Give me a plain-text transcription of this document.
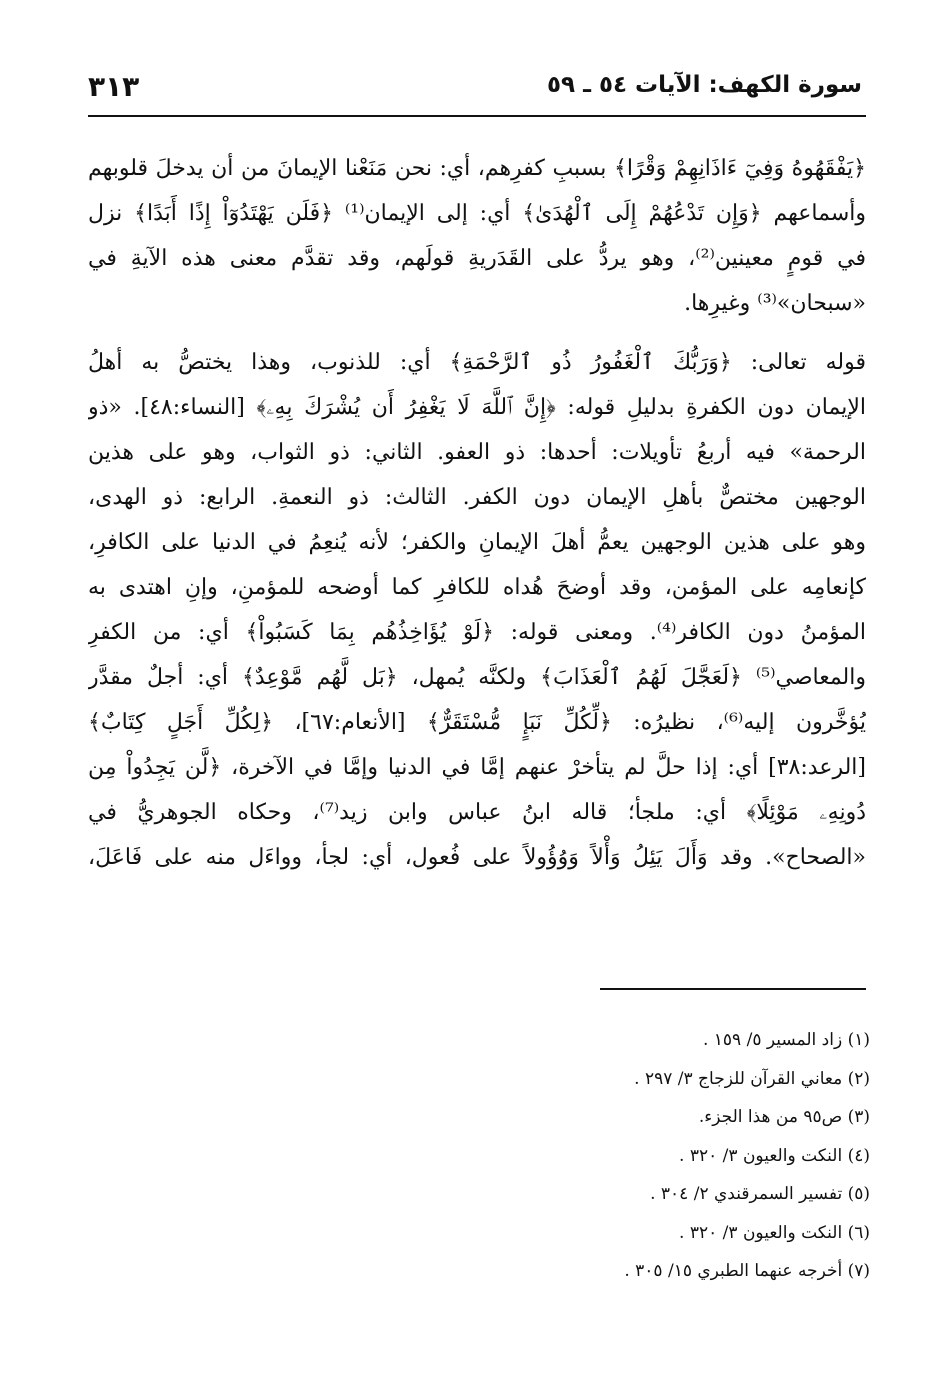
سورة الكهف: الآيات ٥٤ ـ ٥٩
٣١٣
﴿يَفْقَهُوهُ وَفِيٓ ءَاذَانِهِمْ وَقْرًا﴾ بسببِ كفرِهم، أي: نحن مَنَعْنا الإيمانَ من أن يدخلَ قلوبهم
وأسماعهم ﴿وَإِن تَدْعُهُمْ إِلَى ٱلْهُدَىٰ﴾ أي: إلى الإيمان⁽¹⁾ ﴿فَلَن يَهْتَدُوٓاْ إِذًا أَبَدًا﴾ نزل
في قومٍ معينين⁽²⁾، وهو يردُّ على القَدَريةِ قولَهم، وقد تقدَّم معنى هذه الآيةِ في
«سبحان»⁽³⁾ وغيرِها.
قوله تعالى: ﴿وَرَبُّكَ ٱلْغَفُورُ ذُو ٱلرَّحْمَةِ﴾ أي: للذنوب، وهذا يختصُّ به أهلُ
الإيمان دون الكفرةِ بدليلِ قوله: ﴿إِنَّ ٱللَّهَ لَا يَغْفِرُ أَن يُشْرَكَ بِهِۦ﴾ [النساء:٤٨]. «ذو
الرحمة» فيه أربعُ تأويلات: أحدها: ذو العفو. الثاني: ذو الثواب، وهو على هذين
الوجهين مختصٌّ بأهلِ الإيمان دون الكفر. الثالث: ذو النعمةِ. الرابع: ذو الهدى،
وهو على هذين الوجهين يعمُّ أهلَ الإيمانِ والكفر؛ لأنه يُنعِمُ في الدنيا على الكافرِ،
كإنعامِه على المؤمن، وقد أوضحَ هُداه للكافرِ كما أوضحه للمؤمنِ، وإنِ اهتدى به
المؤمنُ دون الكافر⁽⁴⁾. ومعنى قوله: ﴿لَوْ يُؤَاخِذُهُم بِمَا كَسَبُواْ﴾ أي: من الكفرِ
والمعاصي⁽⁵⁾ ﴿لَعَجَّلَ لَهُمُ ٱلْعَذَابَ﴾ ولكنَّه يُمهل، ﴿بَل لَّهُم مَّوْعِدٌ﴾ أي: أجلٌ مقدَّر
يُؤخَّرون إليه⁽⁶⁾، نظيرُه: ﴿لِّكُلِّ نَبَإٍ مُّسْتَقَرٌّ﴾ [الأنعام:٦٧]، ﴿لِكُلِّ أَجَلٍ كِتَابٌ﴾
[الرعد:٣٨] أي: إذا حلَّ لم يتأخرْ عنهم إمَّا في الدنيا وإمَّا في الآخرة، ﴿لَّن يَجِدُواْ مِن
دُونِهِۦ مَوْئِلًا﴾ أي: ملجأ؛ قاله ابنُ عباس وابن زيد⁽⁷⁾، وحكاه الجوهريُّ في
«الصحاح». وقد وَأَلَ يَئِلُ وَأْلاً وَوُؤُولاً على فُعول، أي: لجأ، وواءَل منه على فَاعَلَ،
(١) زاد المسير ٥/ ١٥٩ .
(٢) معاني القرآن للزجاج ٣/ ٢٩٧ .
(٣) ص٩٥ من هذا الجزء.
(٤) النكت والعيون ٣/ ٣٢٠ .
(٥) تفسير السمرقندي ٢/ ٣٠٤ .
(٦) النكت والعيون ٣/ ٣٢٠ .
(٧) أخرجه عنهما الطبري ١٥/ ٣٠٥ .
